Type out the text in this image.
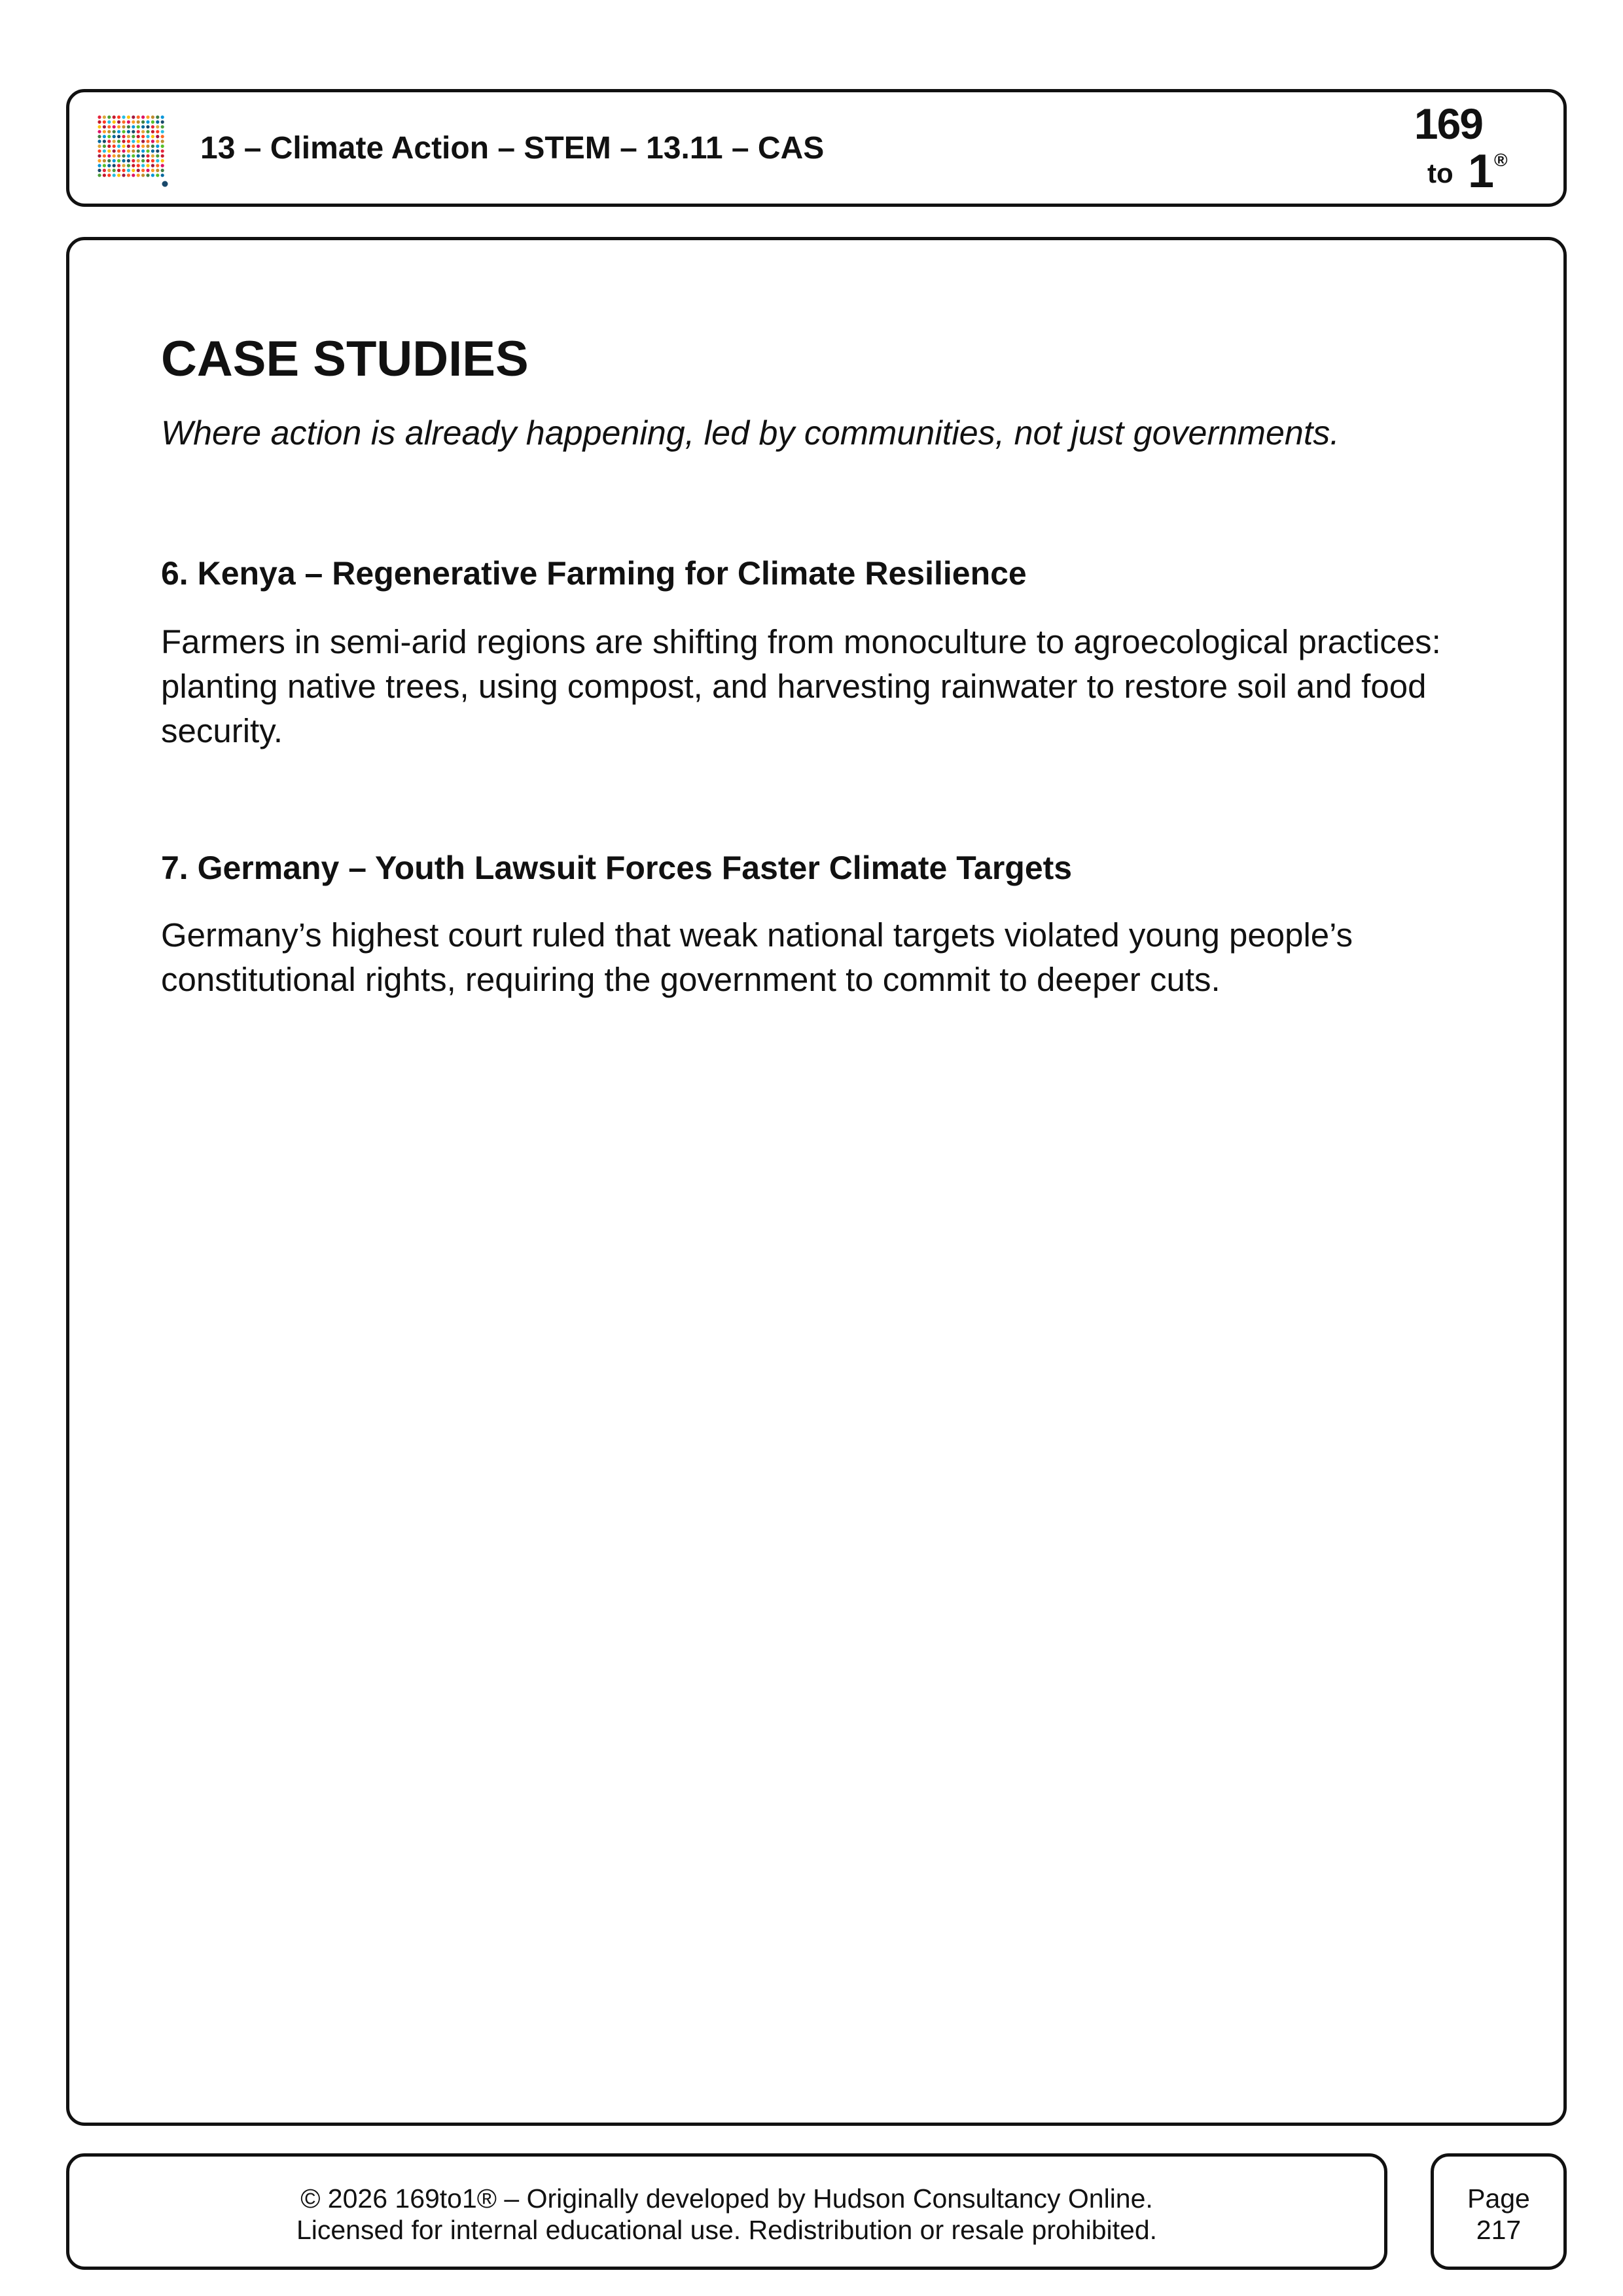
13 – Climate Action – STEM – 13.11 – CAS
169
to 1 ®
CASE STUDIES

Where action is already happening, led by communities, not just governments.

6. Kenya – Regenerative Farming for Climate Resilience

Farmers in semi-arid regions are shifting from monoculture to agroecological practices: planting native trees, using compost, and harvesting rainwater to restore soil and food security.

7. Germany – Youth Lawsuit Forces Faster Climate Targets

Germany’s highest court ruled that weak national targets violated young people’s constitutional rights, requiring the government to commit to deeper cuts.

© 2026 169to1® – Originally developed by Hudson Consultancy Online.
Licensed for internal educational use. Redistribution or resale prohibited.
Page
217
